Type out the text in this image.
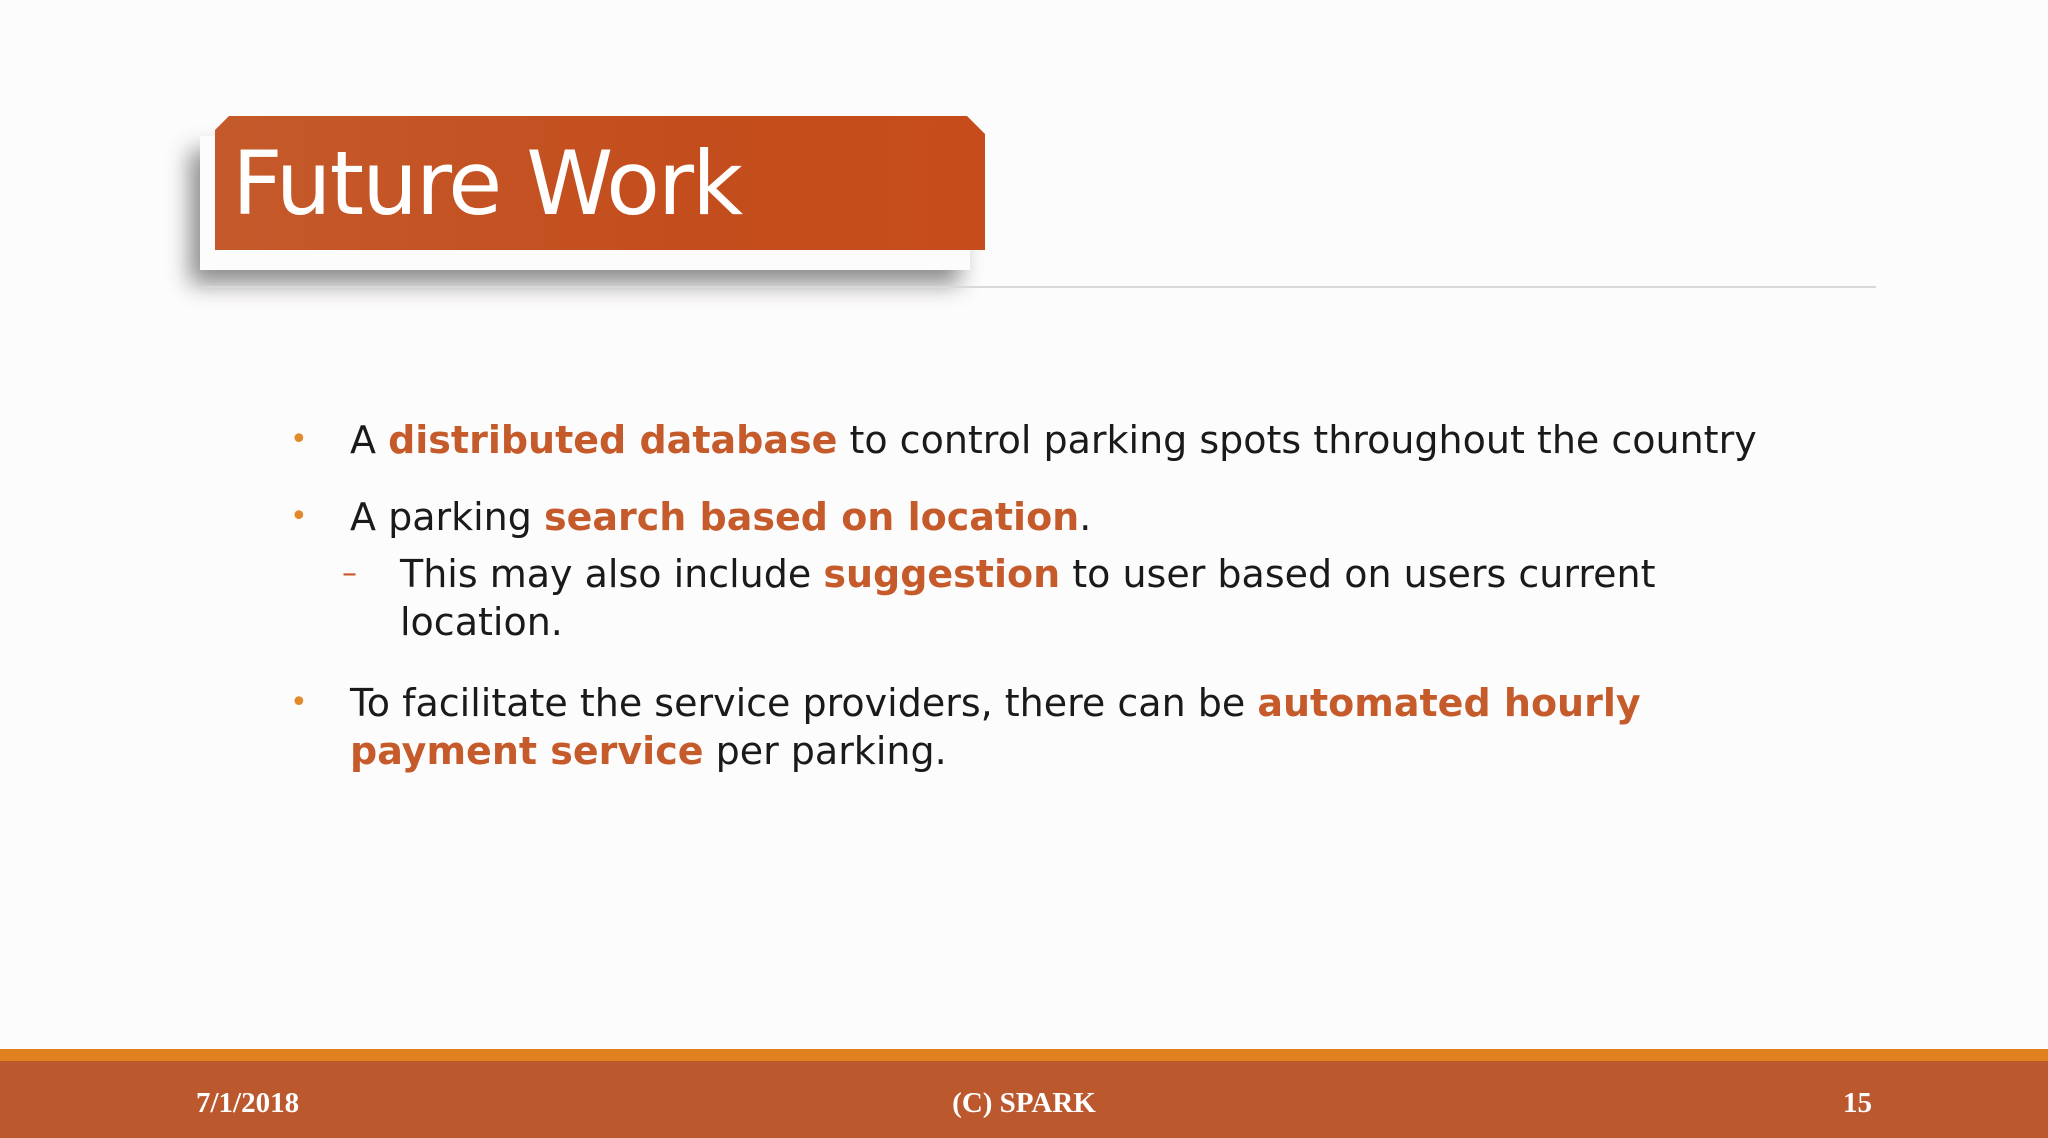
Future Work
• A distributed database to control parking spots throughout the country
• A parking search based on location.
– This may also include suggestion to user based on users current location.
• To facilitate the service providers, there can be automated hourly payment service per parking.
7/1/2018	(C) SPARK	15
